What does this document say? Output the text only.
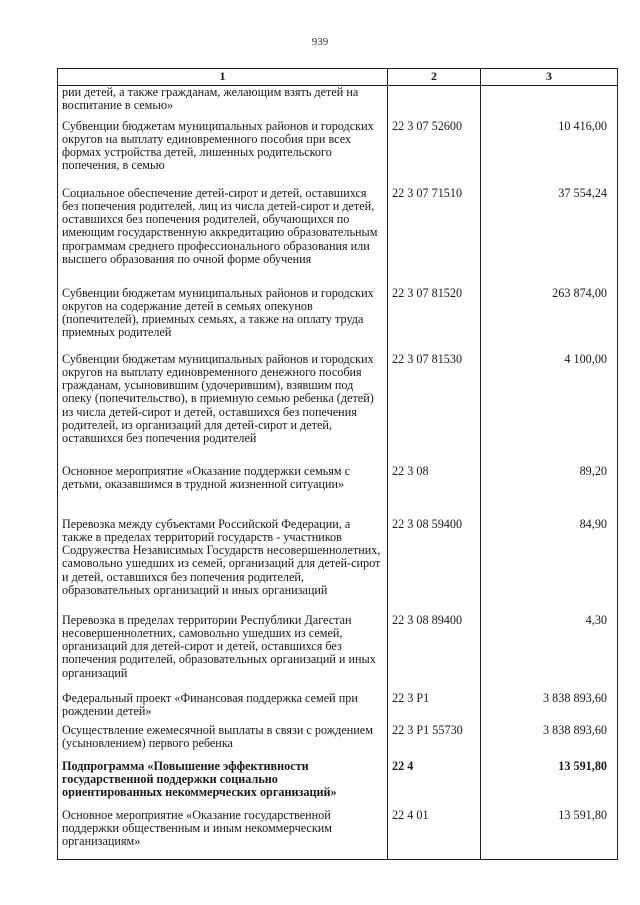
939
1	2	3
рии детей, а также гражданам, желающим взять детей на воспитание в семью»		
Субвенции бюджетам муниципальных районов и городских округов на выплату единовременного пособия при всех формах устройства детей, лишенных родительского попечения, в семью	22 3 07 52600	10 416,00
Социальное обеспечение детей-сирот и детей, оставшихся без попечения родителей, лиц из числа детей-сирот и детей, оставшихся без попечения родителей, обучающихся по имеющим государственную аккредитацию образовательным программам среднего профессионального образования или высшего образования по очной форме обучения	22 3 07 71510	37 554,24
Субвенции бюджетам муниципальных районов и городских округов на содержание детей в семьях опекунов (попечителей), приемных семьях, а также на оплату труда приемных родителей	22 3 07 81520	263 874,00
Субвенции бюджетам муниципальных районов и городских округов на выплату единовременного денежного пособия гражданам, усыновившим (удочерившим), взявшим под опеку (попечительство), в приемную семью ребенка (детей) из числа детей-сирот и детей, оставшихся без попечения родителей, из организаций для детей-сирот и детей, оставшихся без попечения родителей	22 3 07 81530	4 100,00
Основное мероприятие «Оказание поддержки семьям с детьми, оказавшимся в трудной жизненной ситуации»	22 3 08	89,20
Перевозка между субъектами Российской Федерации, а также в пределах территорий государств - участников Содружества Независимых Государств несовершеннолетних, самовольно ушедших из семей, организаций для детей-сирот и детей, оставшихся без попечения родителей, образовательных организаций и иных организаций	22 3 08 59400	84,90
Перевозка в пределах территории Республики Дагестан несовершеннолетних, самовольно ушедших из семей, организаций для детей-сирот и детей, оставшихся без попечения родителей, образовательных организаций и иных организаций	22 3 08 89400	4,30
Федеральный проект «Финансовая поддержка семей при рождении детей»	22 3 P1	3 838 893,60
Осуществление ежемесячной выплаты в связи с рождением (усыновлением) первого ребенка	22 3 P1 55730	3 838 893,60
Подпрограмма «Повышение эффективности государственной поддержки социально ориентированных некоммерческих организаций»	22 4	13 591,80
Основное мероприятие «Оказание государственной поддержки общественным и иным некоммерческим организациям»	22 4 01	13 591,80
